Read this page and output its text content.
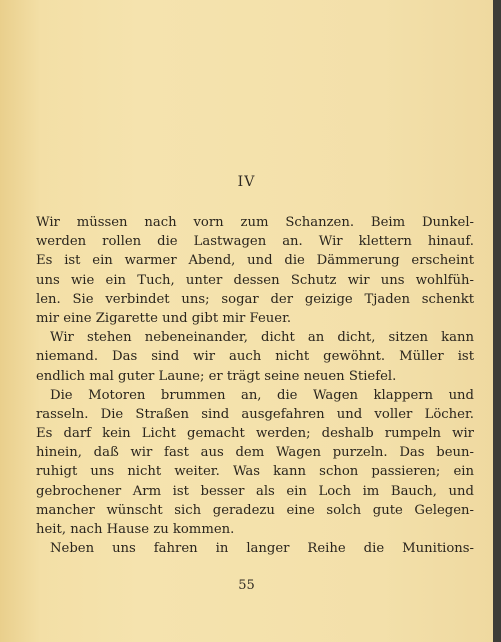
IV
Wir müssen nach vorn zum Schanzen. Beim Dunkel-
werden rollen die Lastwagen an. Wir klettern hinauf.
Es ist ein warmer Abend, und die Dämmerung erscheint
uns wie ein Tuch, unter dessen Schutz wir uns wohlfüh-
len. Sie verbindet uns; sogar der geizige Tjaden schenkt
mir eine Zigarette und gibt mir Feuer.
Wir stehen nebeneinander, dicht an dicht, sitzen kann
niemand. Das sind wir auch nicht gewöhnt. Müller ist
endlich mal guter Laune; er trägt seine neuen Stiefel.
Die Motoren brummen an, die Wagen klappern und
rasseln. Die Straßen sind ausgefahren und voller Löcher.
Es darf kein Licht gemacht werden; deshalb rumpeln wir
hinein, daß wir fast aus dem Wagen purzeln. Das beun-
ruhigt uns nicht weiter. Was kann schon passieren; ein
gebrochener Arm ist besser als ein Loch im Bauch, und
mancher wünscht sich geradezu eine solch gute Gelegen-
heit, nach Hause zu kommen.
Neben uns fahren in langer Reihe die Munitions-
55
